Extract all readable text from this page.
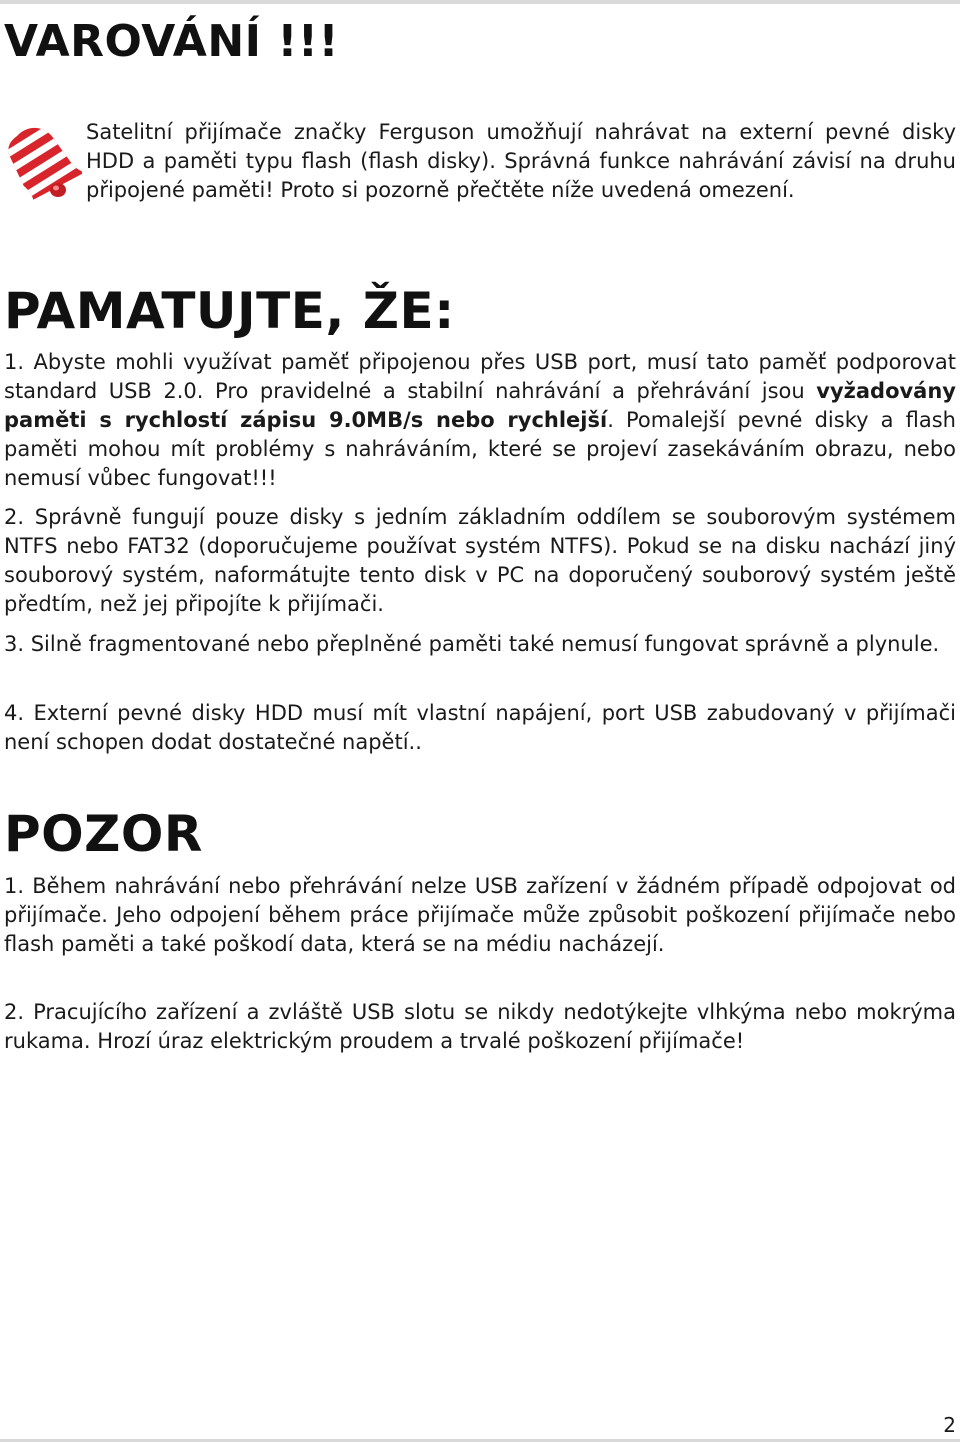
VAROVÁNÍ !!!

Satelitní přijímače značky Ferguson umožňují nahrávat na externí pevné disky HDD a paměti typu flash (flash disky). Správná funkce nahrávání závisí na druhu připojené paměti! Proto si pozorně přečtěte níže uvedená omezení.

PAMATUJTE, ŽE:

1. Abyste mohli využívat paměť připojenou přes USB port, musí tato paměť podporovat standard USB 2.0. Pro pravidelné a stabilní nahrávání a přehrávání jsou vyžadovány paměti s rychlostí zápisu 9.0MB/s nebo rychlejší. Pomalejší pevné disky a flash paměti mohou mít problémy s nahráváním, které se projeví zasekáváním obrazu, nebo nemusí vůbec fungovat!!!

2. Správně fungují pouze disky s jedním základním oddílem se souborovým systémem NTFS nebo FAT32 (doporučujeme používat systém NTFS). Pokud se na disku nachází jiný souborový systém, naformátujte tento disk v PC na doporučený souborový systém ještě předtím, než jej připojíte k přijímači.

3. Silně fragmentované nebo přeplněné paměti také nemusí fungovat správně a plynule.

4. Externí pevné disky HDD musí mít vlastní napájení, port USB zabudovaný v přijímači není schopen dodat dostatečné napětí..

POZOR

1. Během nahrávání nebo přehrávání nelze USB zařízení v žádném případě odpojovat od přijímače. Jeho odpojení během práce přijímače může způsobit poškození přijímače nebo flash paměti a také poškodí data, která se na médiu nacházejí.

2. Pracujícího zařízení a zvláště USB slotu se nikdy nedotýkejte vlhkýma nebo mokrýma rukama. Hrozí úraz elektrickým proudem a trvalé poškození přijímače!

2
